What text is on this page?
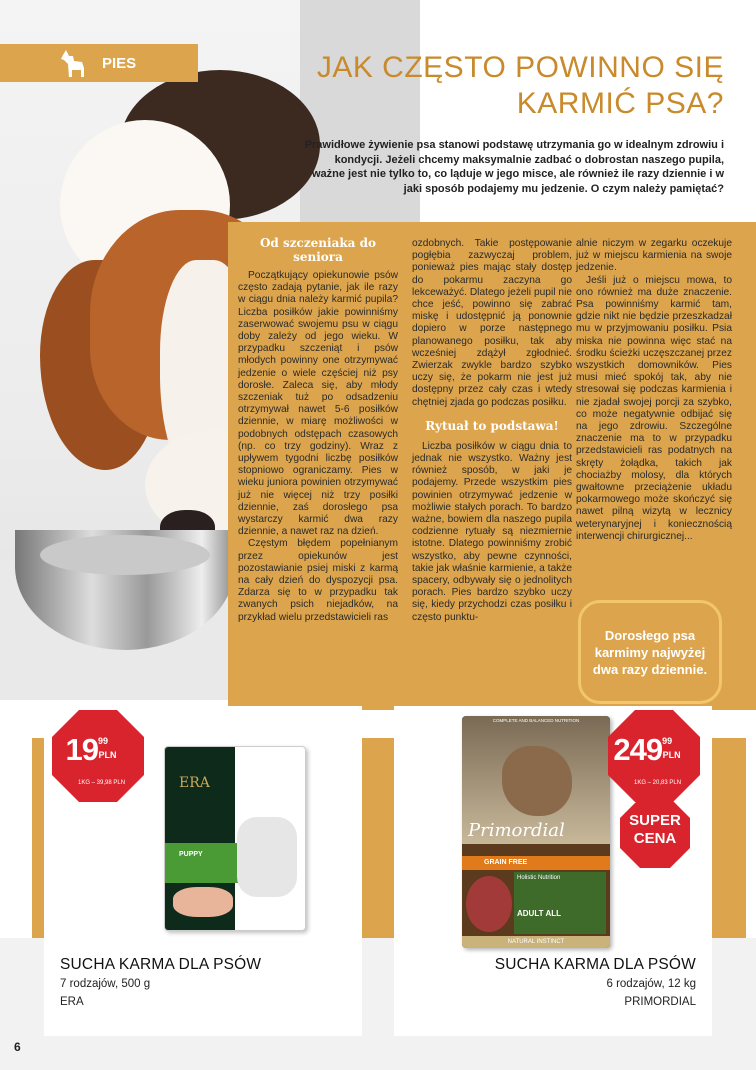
PIES	JAK CZĘSTO POWINNO SIĘ
KARMIĆ PSA?

Prawidłowe żywienie psa stanowi podstawę utrzymania go w idealnym zdrowiu i kondycji. Jeżeli chcemy maksymalnie zadbać o dobrostan naszego pupila, ważne jest nie tylko to, co ląduje w jego misce, ale również ile razy dziennie i w jaki sposób podajemy mu jedzenie. O czym należy pamiętać?

Od szczeniaka do seniora

Początkujący opiekunowie psów często zadają pytanie, jak ile razy w ciągu dnia należy karmić pupila? Liczba posiłków jakie powinniśmy zaserwować swojemu psu w ciągu doby zależy od jego wieku. W przypadku szczeniąt i psów młodych powinny one otrzymywać jedzenie o wiele częściej niż psy dorosłe. Zaleca się, aby młody szczeniak tuż po odsadzeniu otrzymywał nawet 5-6 posiłków dziennie, w miarę możliwości w podobnych odstępach czasowych (np. co trzy godziny). Wraz z upływem tygodni liczbę posiłków stopniowo ograniczamy. Pies w wieku juniora powinien otrzymywać już nie więcej niż trzy posiłki dziennie, zaś dorosłego psa wystarczy karmić dwa razy dziennie, a nawet raz na dzień.

Częstym błędem popełnianym przez opiekunów jest pozostawianie psiej miski z karmą na cały dzień do dyspozycji psa. Zdarza się to w przypadku tak zwanych psich niejadków, na przykład wielu przedstawicieli ras

ozdobnych. Takie postępowanie pogłębia zazwyczaj problem, ponieważ pies mając stały dostęp do pokarmu zaczyna go lekceważyć. Dlatego jeżeli pupil nie chce jeść, powinno się zabrać miskę i udostępnić ją ponownie dopiero w porze następnego planowanego posiłku, tak aby wcześniej zdążył zgłodnieć. Zwierzak zwykle bardzo szybko uczy się, że pokarm nie jest już dostępny przez cały czas i wtedy chętniej zjada go podczas posiłku.

Rytuał to podstawa!

Liczba posiłków w ciągu dnia to jednak nie wszystko. Ważny jest również sposób, w jaki je podajemy. Przede wszystkim pies powinien otrzymywać jedzenie w możliwie stałych porach. To bardzo ważne, bowiem dla naszego pupila codzienne rytuały są niezmiernie istotne. Dlatego powinniśmy zrobić wszystko, aby pewne czynności, takie jak właśnie karmienie, a także spacery, odbywały się o jednolitych porach. Pies bardzo szybko uczy się, kiedy przychodzi czas posiłku i często punktu-

alnie niczym w zegarku oczekuje już w miejscu karmienia na swoje jedzenie.

Jeśli już o miejscu mowa, to ono również ma duże znaczenie. Psa powinniśmy karmić tam, gdzie nikt nie będzie przeszkadzał mu w przyjmowaniu posiłku. Psia miska nie powinna więc stać na środku ścieżki uczęszczanej przez wszystkich domowników. Pies musi mieć spokój tak, aby nie stresował się podczas karmienia i nie zjadał swojej porcji za szybko, co może negatywnie odbijać się na jego zdrowiu. Szczególne znaczenie ma to w przypadku przedstawicieli ras podatnych na skręty żołądka, takich jak chociażby molosy, dla których gwałtowne przeciążenie układu pokarmowego może skończyć się nawet pilną wizytą w lecznicy weterynaryjnej i koniecznością interwencji chirurgicznej...

Dorosłego psa karmimy najwyżej dwa razy dziennie.
$19^{99}$ PLN
1KG – 39,98 PLN	ERA
PUPPY
SUCHA KARMA DLA PSÓW
7 rodzajów, 500 g
ERA
COMPLETE AND BALANCED NUTRITION
Primordial
GRAIN FREE
Holistic Nutrition
ADULT ALL
NATURAL INSTINCT
$249^{99}$ PLN
1KG – 20,83 PLN
SUPER
CENA
SUCHA KARMA DLA PSÓW
6 rodzajów, 12 kg
PRIMORDIAL
6
